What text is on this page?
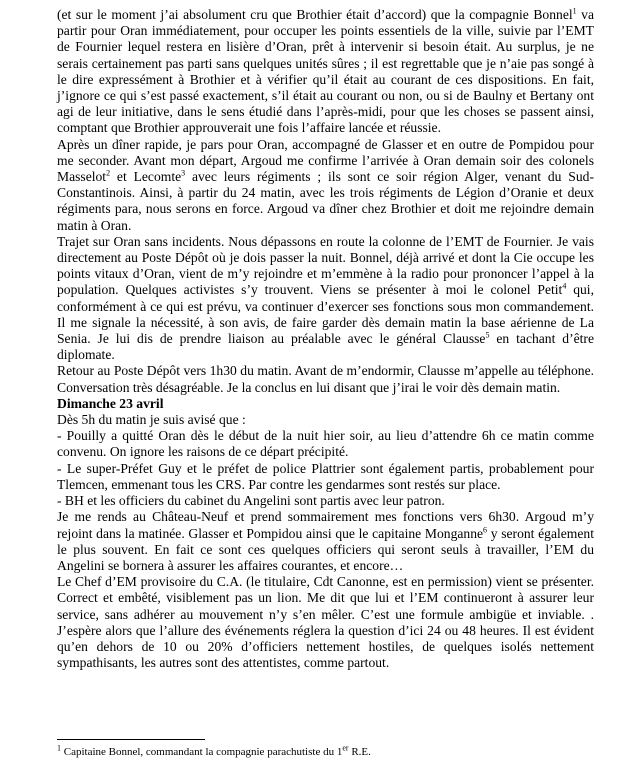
(et sur le moment j’ai absolument cru que Brothier était d’accord) que la compagnie Bonnel$^1$ va partir pour Oran immédiatement, pour occuper les points essentiels de la ville, suivie par l’EMT de Fournier lequel restera en lisière d’Oran, prêt à intervenir si besoin était. Au surplus, je ne serais certainement pas parti sans quelques unités sûres ; il est regrettable que je n’aie pas songé à le dire expressément à Brothier et à vérifier qu’il était au courant de ces dispositions. En fait, j’ignore ce qui s’est passé exactement, s’il était au courant ou non, ou si de Baulny et Bertany ont agi de leur initiative, dans le sens étudié dans l’après-midi, pour que les choses se passent ainsi, comptant que Brothier approuverait une fois l’affaire lancée et réussie.

Après un dîner rapide, je pars pour Oran, accompagné de Glasser et en outre de Pompidou pour me seconder. Avant mon départ, Argoud me confirme l’arrivée à Oran demain soir des colonels Masselot$^2$ et Lecomte$^3$ avec leurs régiments ; ils sont ce soir région Alger, venant du Sud-Constantinois. Ainsi, à partir du 24 matin, avec les trois régiments de Légion d’Oranie et deux régiments para, nous serons en force. Argoud va dîner chez Brothier et doit me rejoindre demain matin à Oran.

Trajet sur Oran sans incidents. Nous dépassons en route la colonne de l’EMT de Fournier. Je vais directement au Poste Dépôt où je dois passer la nuit. Bonnel, déjà arrivé et dont la Cie occupe les points vitaux d’Oran, vient de m’y rejoindre et m’emmène à la radio pour prononcer l’appel à la population. Quelques activistes s’y trouvent. Viens se présenter à moi le colonel Petit$^4$ qui, conformément à ce qui est prévu, va continuer d’exercer ses fonctions sous mon commandement. Il me signale la nécessité, à son avis, de faire garder dès demain matin la base aérienne de La Senia. Je lui dis de prendre liaison au préalable avec le général Clausse$^5$ en tachant d’être diplomate.

Retour au Poste Dépôt vers 1h30 du matin. Avant de m’endormir, Clausse m’appelle au téléphone. Conversation très désagréable. Je la conclus en lui disant que j’irai le voir dès demain matin.

Dimanche 23 avril

Dès 5h du matin je suis avisé que :

- Pouilly a quitté Oran dès le début de la nuit hier soir, au lieu d’attendre 6h ce matin comme convenu. On ignore les raisons de ce départ précipité.

- Le super-Préfet Guy et le préfet de police Plattrier sont également partis, probablement pour Tlemcen, emmenant tous les CRS. Par contre les gendarmes sont restés sur place.

- BH et les officiers du cabinet du Angelini sont partis avec leur patron.

Je me rends au Château-Neuf et prend sommairement mes fonctions vers 6h30. Argoud m’y rejoint dans la matinée. Glasser et Pompidou ainsi que le capitaine Monganne$^6$ y seront également le plus souvent. En fait ce sont ces quelques officiers qui seront seuls à travailler, l’EM du Angelini se bornera à assurer les affaires courantes, et encore…

Le Chef d’EM provisoire du C.A. (le titulaire, Cdt Canonne, est en permission) vient se présenter. Correct et embêté, visiblement pas un lion. Me dit que lui et l’EM continueront à assurer leur service, sans adhérer au mouvement n’y s’en mêler. C’est une formule ambigüe et inviable. . J’espère alors que l’allure des événements réglera la question d’ici 24 ou 48 heures. Il est évident qu’en dehors de 10 ou 20% d’officiers nettement hostiles, de quelques isolés nettement sympathisants, les autres sont des attentistes, comme partout.

$^1$ Capitaine Bonnel, commandant la compagnie parachutiste du 1er R.E.
